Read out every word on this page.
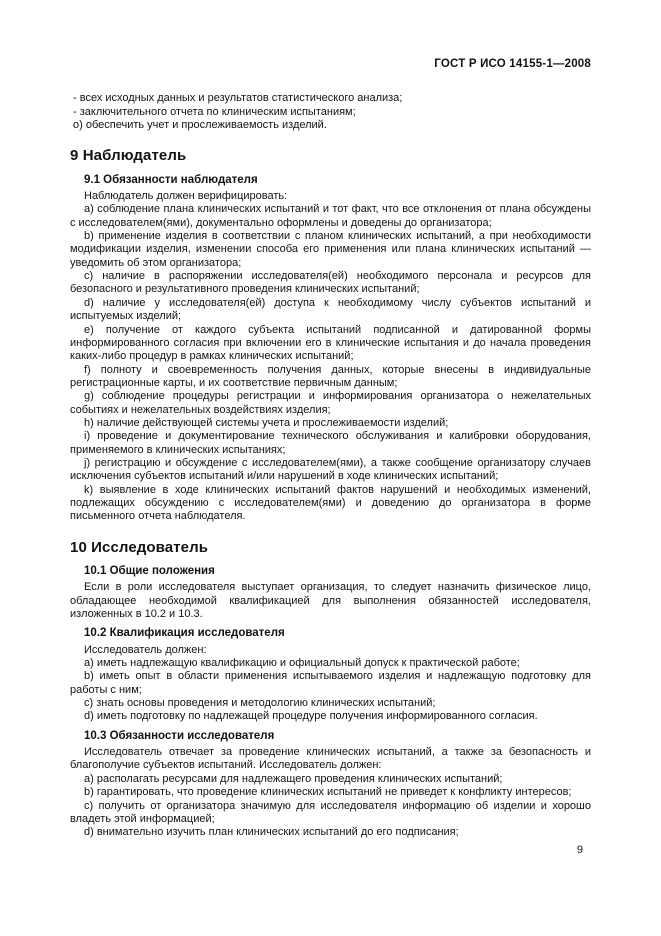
ГОСТ Р ИСО 14155-1—2008

- всех исходных данных и результатов статистического анализа;

- заключительного отчета по клиническим испытаниям;

о) обеспечить учет и прослеживаемость изделий.

9 Наблюдатель
9.1 Обязанности наблюдателя

Наблюдатель должен верифицировать:

a) соблюдение плана клинических испытаний и тот факт, что все отклонения от плана обсуждены с исследователем(ями), документально оформлены и доведены до организатора;

b) применение изделия в соответствии с планом клинических испытаний, а при необходимости модификации изделия, изменении способа его применения или плана клинических испытаний — уведомить об этом организатора;

c) наличие в распоряжении исследователя(ей) необходимого персонала и ресурсов для безопасного и результативного проведения клинических испытаний;

d) наличие у исследователя(ей) доступа к необходимому числу субъектов испытаний и испытуемых изделий;

e) получение от каждого субъекта испытаний подписанной и датированной формы информированного согласия при включении его в клинические испытания и до начала проведения каких-либо процедур в рамках клинических испытаний;

f) полноту и своевременность получения данных, которые внесены в индивидуальные регистрационные карты, и их соответствие первичным данным;

g) соблюдение процедуры регистрации и информирования организатора о нежелательных событиях и нежелательных воздействиях изделия;

h) наличие действующей системы учета и прослеживаемости изделий;

i) проведение и документирование технического обслуживания и калибровки оборудования, применяемого в клинических испытаниях;

j) регистрацию и обсуждение с исследователем(ями), а также сообщение организатору случаев исключения субъектов испытаний и/или нарушений в ходе клинических испытаний;

k) выявление в ходе клинических испытаний фактов нарушений и необходимых изменений, подлежащих обсуждению с исследователем(ями) и доведению до организатора в форме письменного отчета наблюдателя.

10 Исследователь
10.1 Общие положения

Если в роли исследователя выступает организация, то следует назначить физическое лицо, обладающее необходимой квалификацией для выполнения обязанностей исследователя, изложенных в 10.2 и 10.3.

10.2 Квалификация исследователя

Исследователь должен:

a) иметь надлежащую квалификацию и официальный допуск к практической работе;

b) иметь опыт в области применения испытываемого изделия и надлежащую подготовку для работы с ним;

c) знать основы проведения и методологию клинических испытаний;

d) иметь подготовку по надлежащей процедуре получения информированного согласия.

10.3 Обязанности исследователя

Исследователь отвечает за проведение клинических испытаний, а также за безопасность и благополучие субъектов испытаний. Исследователь должен:

a) располагать ресурсами для надлежащего проведения клинических испытаний;

b) гарантировать, что проведение клинических испытаний не приведет к конфликту интересов;

c) получить от организатора значимую для исследователя информацию об изделии и хорошо владеть этой информацией;

d) внимательно изучить план клинических испытаний до его подписания;

9
